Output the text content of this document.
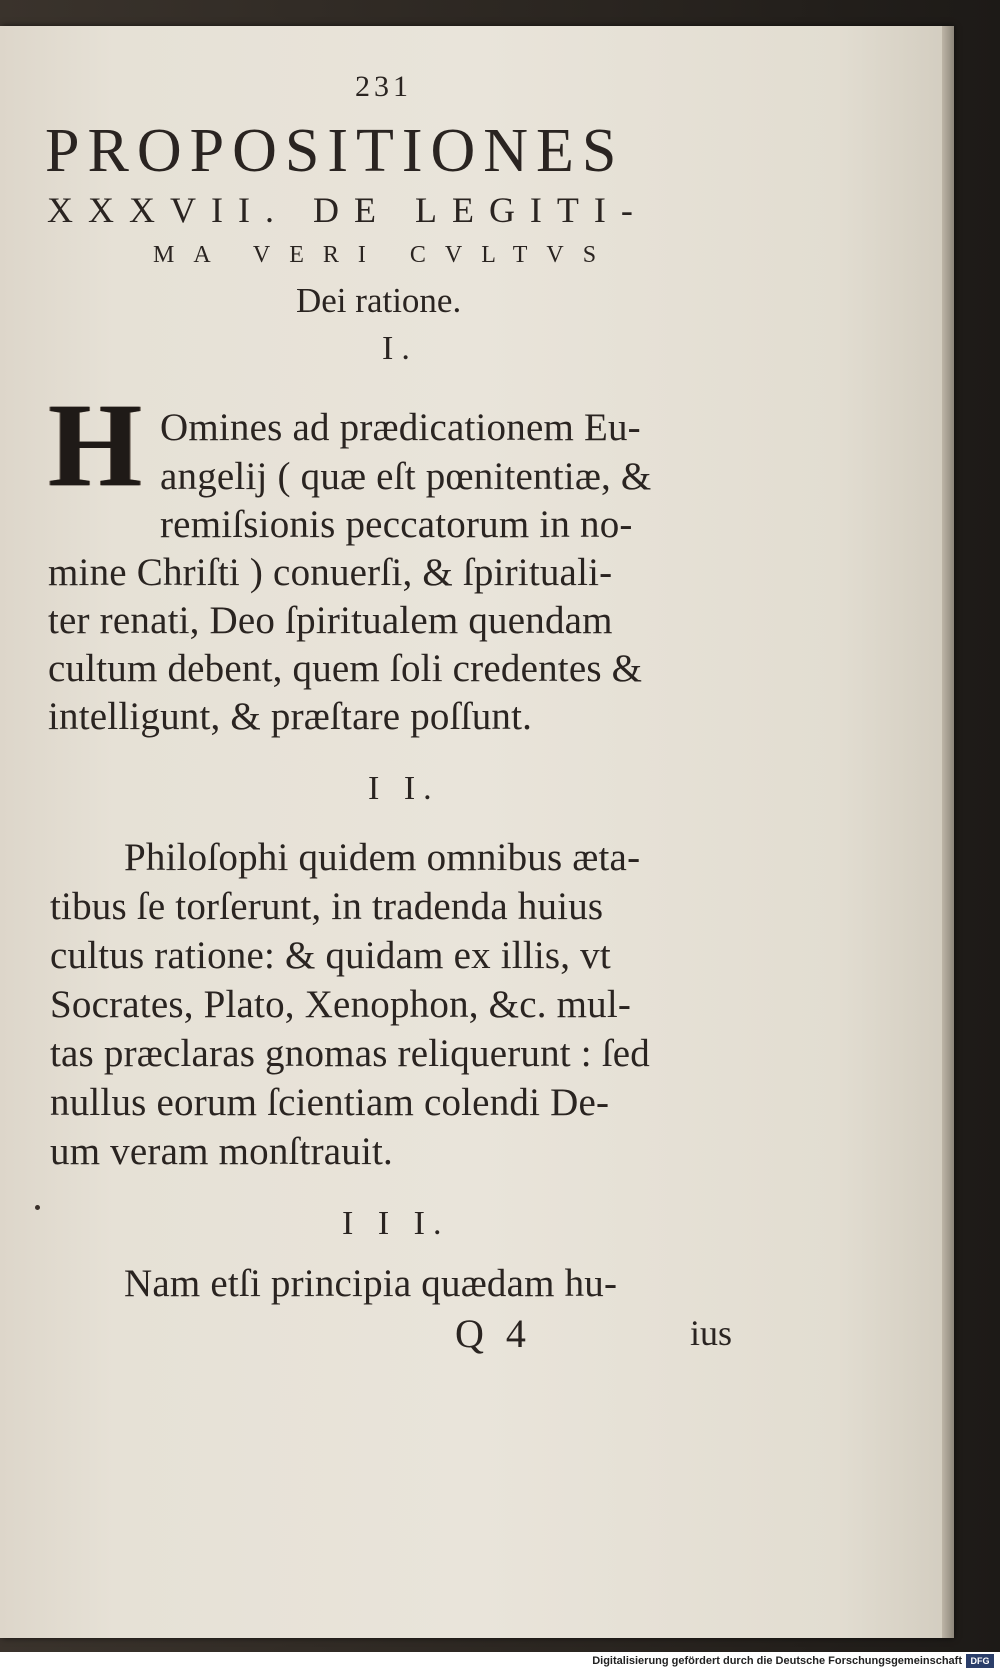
231
PROPOSITIONES
XXXVII. DE LEGITI-
MA VERI CVLTVS
Dei ratione.
I.
H Omines ad prædicationem Eu-
angelij ( quæ eſt pœnitentiæ, &
remiſsionis peccatorum in no-
mine Chriſti ) conuerſi, & ſpirituali-
ter renati, Deo ſpiritualem quendam
cultum debent, quem ſoli credentes &
intelligunt, & præſtare poſſunt.
I I.
Philoſophi quidem omnibus æta-
tibus ſe torſerunt, in tradenda huius
cultus ratione: & quidam ex illis, vt
Socrates, Plato, Xenophon, &c. mul-
tas præclaras gnomas reliquerunt : ſed
nullus eorum ſcientiam colendi De-
um veram monſtrauit.
I I I.
Nam etſi principia quædam hu-
Q 4	ius
Digitalisierung gefördert durch die Deutsche Forschungsgemeinschaft DFG
